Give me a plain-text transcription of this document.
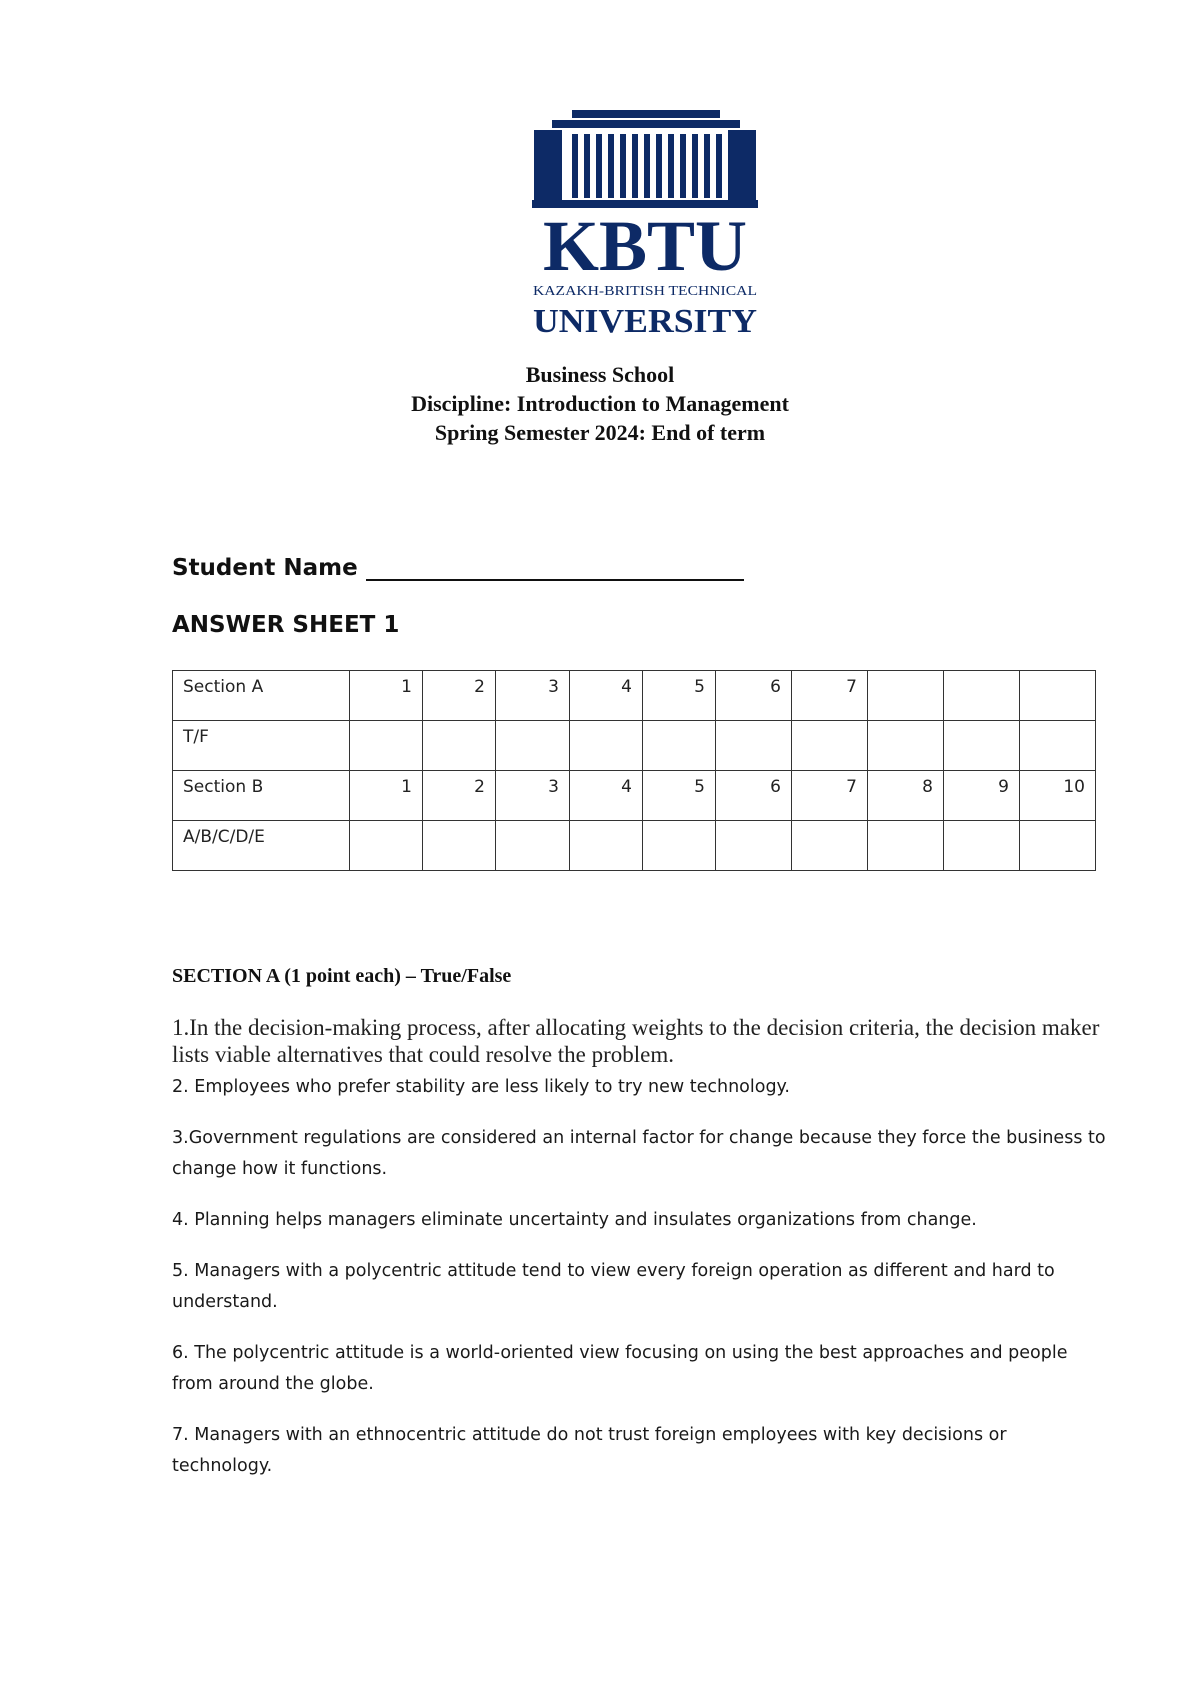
KBTU
KAZAKH-BRITISH TECHNICAL
UNIVERSITY
Business School
Discipline: Introduction to Management
Spring Semester 2024: End of term
Student Name
ANSWER SHEET 1
Section A	1	2	3	4	5	6	7			
T/F										
Section B	1	2	3	4	5	6	7	8	9	10
A/B/C/D/E										
SECTION A (1 point each) – True/False
1.In the decision-making process, after allocating weights to the decision criteria, the decision maker lists viable alternatives that could resolve the problem.

2. Employees who prefer stability are less likely to try new technology.

3.Government regulations are considered an internal factor for change because they force the business to change how it functions.

4. Planning helps managers eliminate uncertainty and insulates organizations from change.

5. Managers with a polycentric attitude tend to view every foreign operation as different and hard to understand.

6. The polycentric attitude is a world-oriented view focusing on using the best approaches and people from around the globe.

7. Managers with an ethnocentric attitude do not trust foreign employees with key decisions or technology.
